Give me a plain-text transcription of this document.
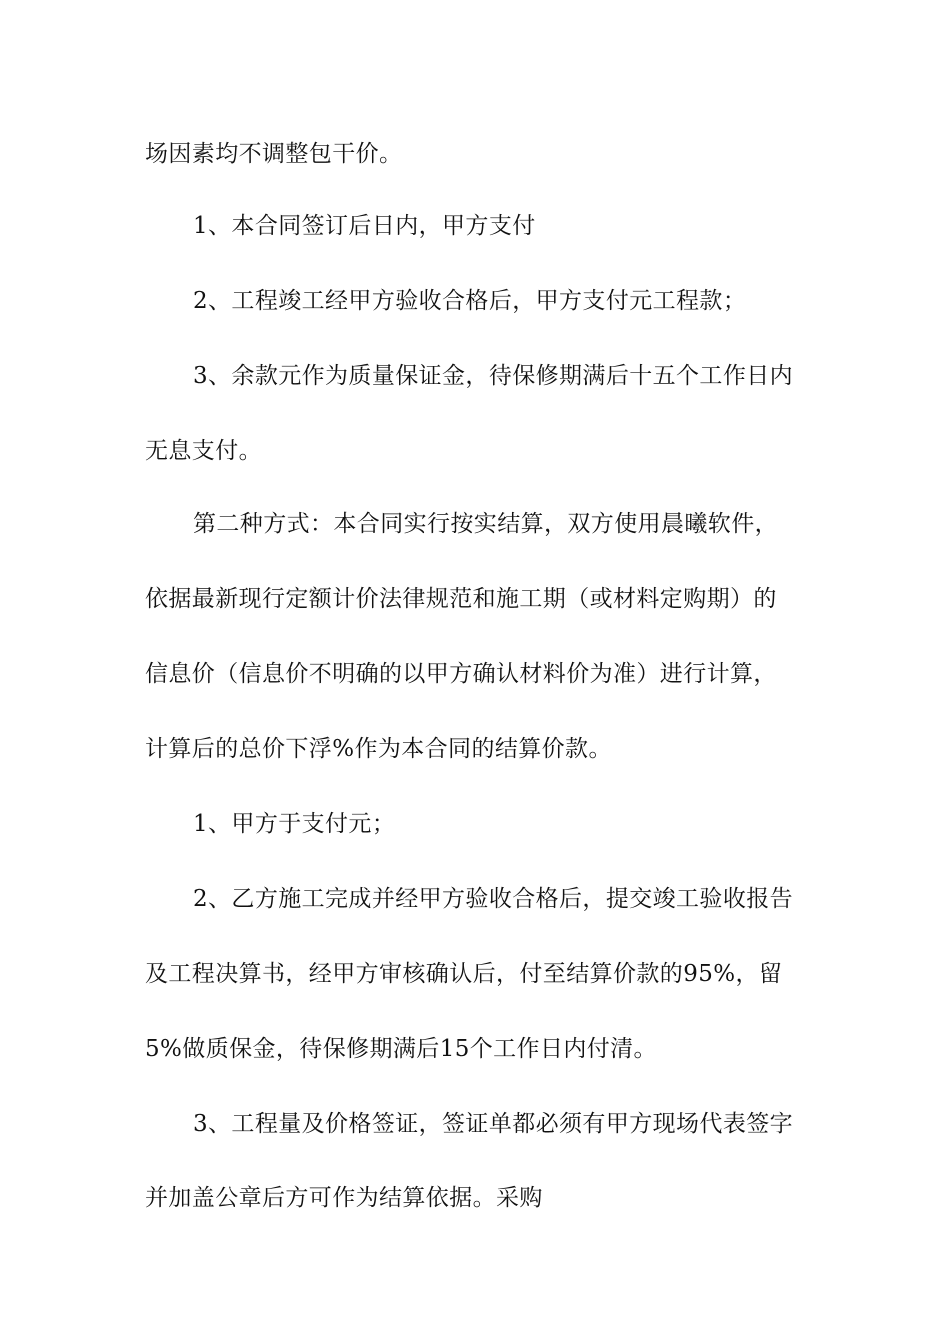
场因素均不调整包干价。
1、本合同签订后日内，甲方支付
2、工程竣工经甲方验收合格后，甲方支付元工程款；
3、余款元作为质量保证金，待保修期满后十五个工作日内
无息支付。
第二种方式：本合同实行按实结算，双方使用晨曦软件，
依据最新现行定额计价法律规范和施工期（或材料定购期）的
信息价（信息价不明确的以甲方确认材料价为准）进行计算，
计算后的总价下浮%作为本合同的结算价款。
1、甲方于支付元；
2、乙方施工完成并经甲方验收合格后，提交竣工验收报告
及工程决算书，经甲方审核确认后，付至结算价款的95%，留
5%做质保金，待保修期满后15个工作日内付清。
3、工程量及价格签证，签证单都必须有甲方现场代表签字
并加盖公章后方可作为结算依据。采购
